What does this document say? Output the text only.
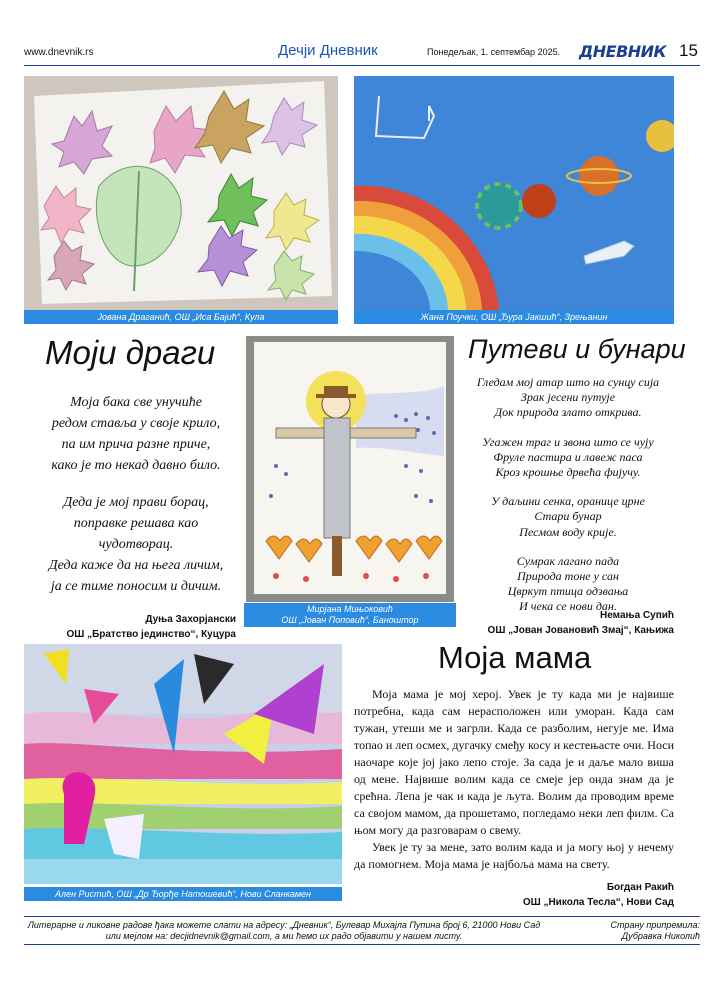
www.dnevnik.rs	Дечји Дневник	Понедељак, 1. септембар 2025. ДНЕВНИК 15
Јована Драганић, ОШ „Иса Бајић“, Кула	Жана Поучки, ОШ „Ђура Јакшић“, Зрењанин
Моји драги
Моја бака све унучиће
редом ставља у своје крило,
па им прича разне приче,
како је то некад давно било.
Деда је мој прави борац,
поправке решава као
чудотворац.
Деда каже да на њега личим,
ја се тиме поносим и дичим.
Дуња Захорјански
ОШ „Братство јединство“, Куцура
Мирјана Мињоковић
ОШ „Јован Поповић“, Баноштор
Путеви и бунари
Гледам мој атар што на сунцу сија
Зрак јесени путује
Док природа злато открива.
Угажен траг и звона што се чују
Фруле пастира и лавеж паса
Кроз крошње дрвећа фијучу.
У даљини сенка, оранице црне
Стари бунар
Песмом воду крије.
Сумрак лагано пада
Природа тоне у сан
Цвркут птица одзвања
И чека се нови дан.
Немања Супић
ОШ „Јован Јовановић Змај“, Кањижа
Ален Ристић, ОШ „Др Ђорђе Натошевић“, Нови Сланкамен
Моја мама

Моја мама је мој херој. Увек је ту када ми је највише потребна, када сам нерасположен или уморан. Када сам тужан, утеши ме и загрли. Када се разболим, негује ме. Има топао и леп осмех, дугачку смеђу косу и кестењасте очи. Носи наочаре које јој јако лепо стоје. За сада је и даље мало виша од мене. Највише волим када се смеје јер онда знам да је срећна. Лепа је чак и када је љута. Волим да проводим време са својом мамом, да прошетамо, погледамо неки леп филм. Са њом могу да разговарам о свему.

Увек је ту за мене, зато волим када и ја могу њој у нечему да помогнем. Моја мама је најбоља мама на свету.

Богдан Ракић
ОШ „Никола Тесла“, Нови Сад
Литерарне и ликовне радове ђака можете слати на адресу: „Дневник“, Булевар Михајла Пупина број 6, 21000 Нови Сад
или мејлом на: decjidnevnik@gmail.com, а ми ћемо их радо објавити у нашем листу.
Страну припремила:
Дубравка Николић
